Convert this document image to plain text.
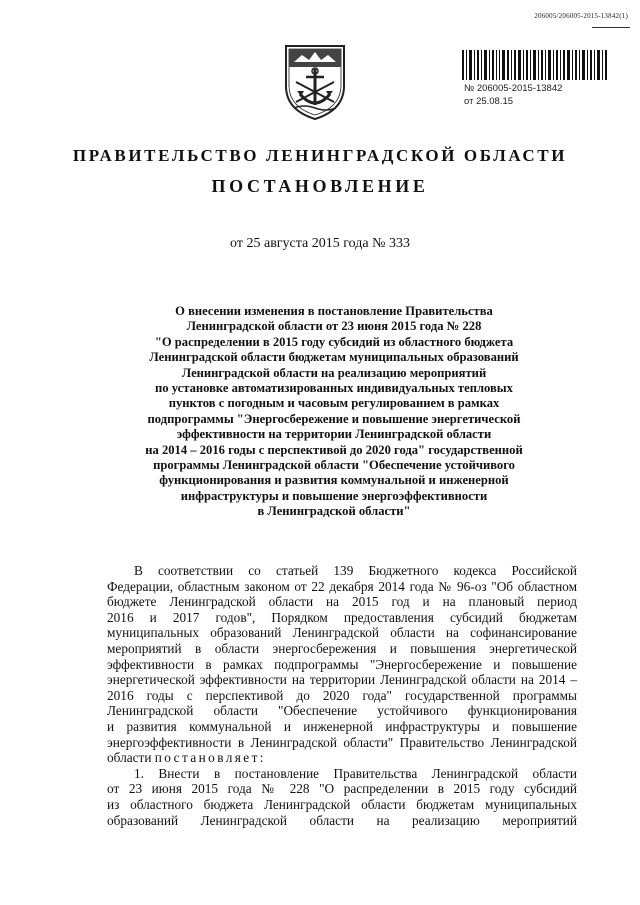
206005/206005-2015-13842(1)
№ 206005-2015-13842
от 25.08.15
ПРАВИТЕЛЬСТВО ЛЕНИНГРАДСКОЙ ОБЛАСТИ
ПОСТАНОВЛЕНИЕ
от 25 августа 2015 года № 333
О внесении изменения в постановление Правительства
Ленинградской области от 23 июня 2015 года № 228
"О распределении в 2015 году субсидий из областного бюджета
Ленинградской области бюджетам муниципальных образований
Ленинградской области на реализацию мероприятий
по установке автоматизированных индивидуальных тепловых
пунктов с погодным и часовым регулированием в рамках
подпрограммы "Энергосбережение и повышение энергетической
эффективности на территории Ленинградской области
на 2014 – 2016 годы с перспективой до 2020 года" государственной
программы Ленинградской области "Обеспечение устойчивого
функционирования и развития коммунальной и инженерной
инфраструктуры и повышение энергоэффективности
в Ленинградской области"
В соответствии со статьей 139 Бюджетного кодекса Российской
Федерации, областным законом от 22 декабря 2014 года № 96-оз "Об областном
бюджете Ленинградской области на 2015 год и на плановый период
2016 и 2017 годов", Порядком предоставления субсидий бюджетам
муниципальных образований Ленинградской области на софинансирование
мероприятий в области энергосбережения и повышения энергетической
эффективности в рамках подпрограммы "Энергосбережение и повышение
энергетической эффективности на территории Ленинградской области на 2014 –
2016 годы с перспективой до 2020 года" государственной программы
Ленинградской области "Обеспечение устойчивого функционирования
и развития коммунальной и инженерной инфраструктуры и повышение
энергоэффективности в Ленинградской области" Правительство Ленинградской
области постановляет:
1. Внести в постановление Правительства Ленинградской области
от 23 июня 2015 года № 228 "О распределении в 2015 году субсидий
из областного бюджета Ленинградской области бюджетам муниципальных
образований Ленинградской области на реализацию мероприятий
